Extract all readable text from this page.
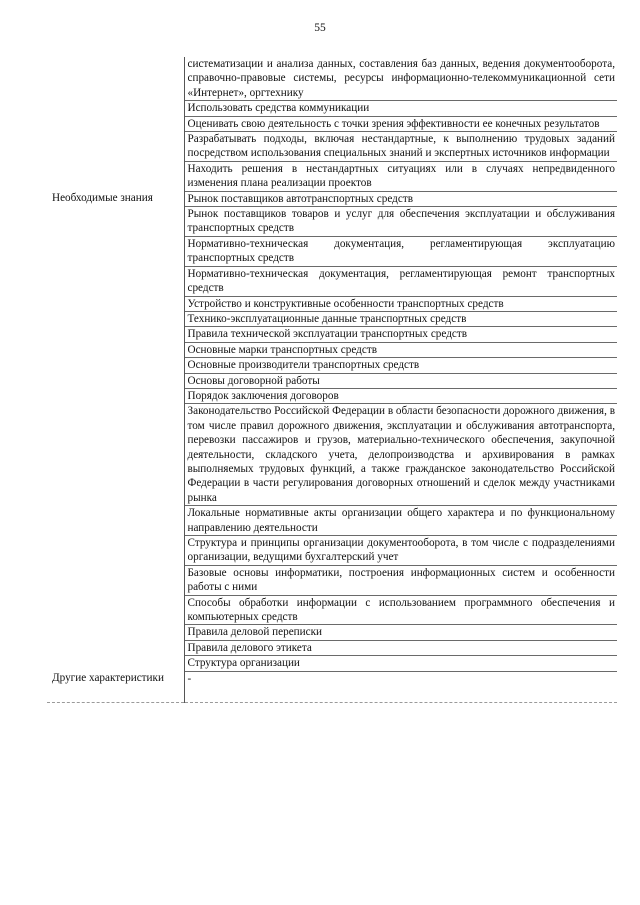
55
	систематизации и анализа данных, составления баз данных, ведения документооборота, справочно-правовые системы, ресурсы информационно-телекоммуникационной сети «Интернет», оргтехнику
	Использовать средства коммуникации
	Оценивать свою деятельность с точки зрения эффективности ее конечных результатов
	Разрабатывать подходы, включая нестандартные, к выполнению трудовых заданий посредством использования специальных знаний и экспертных источников информации
	Находить решения в нестандартных ситуациях или в случаях непредвиденного изменения плана реализации проектов

Необходимые знания	Рынок поставщиков автотранспортных средств
	Рынок поставщиков товаров и услуг для обеспечения эксплуатации и обслуживания транспортных средств
	Нормативно-техническая документация, регламентирующая эксплуатацию транспортных средств
	Нормативно-техническая документация, регламентирующая ремонт транспортных средств
	Устройство и конструктивные особенности транспортных средств
	Технико-эксплуатационные данные транспортных средств
	Правила технической эксплуатации транспортных средств
	Основные марки транспортных средств
	Основные производители транспортных средств
	Основы договорной работы
	Порядок заключения договоров
	Законодательство Российской Федерации в области безопасности дорожного движения, в том числе правил дорожного движения, эксплуатации и обслуживания автотранспорта, перевозки пассажиров и грузов, материально-технического обеспечения, закупочной деятельности, складского учета, делопроизводства и архивирования в рамках выполняемых трудовых функций, а также гражданское законодательство Российской Федерации в части регулирования договорных отношений и сделок между участниками рынка
	Локальные нормативные акты организации общего характера и по функциональному направлению деятельности
	Структура и принципы организации документооборота, в том числе с подразделениями организации, ведущими бухгалтерский учет
	Базовые основы информатики, построения информационных систем и особенности работы с ними
	Способы обработки информации с использованием программного обеспечения и компьютерных средств
	Правила деловой переписки
	Правила делового этикета
	Структура организации
Другие характеристики	-
